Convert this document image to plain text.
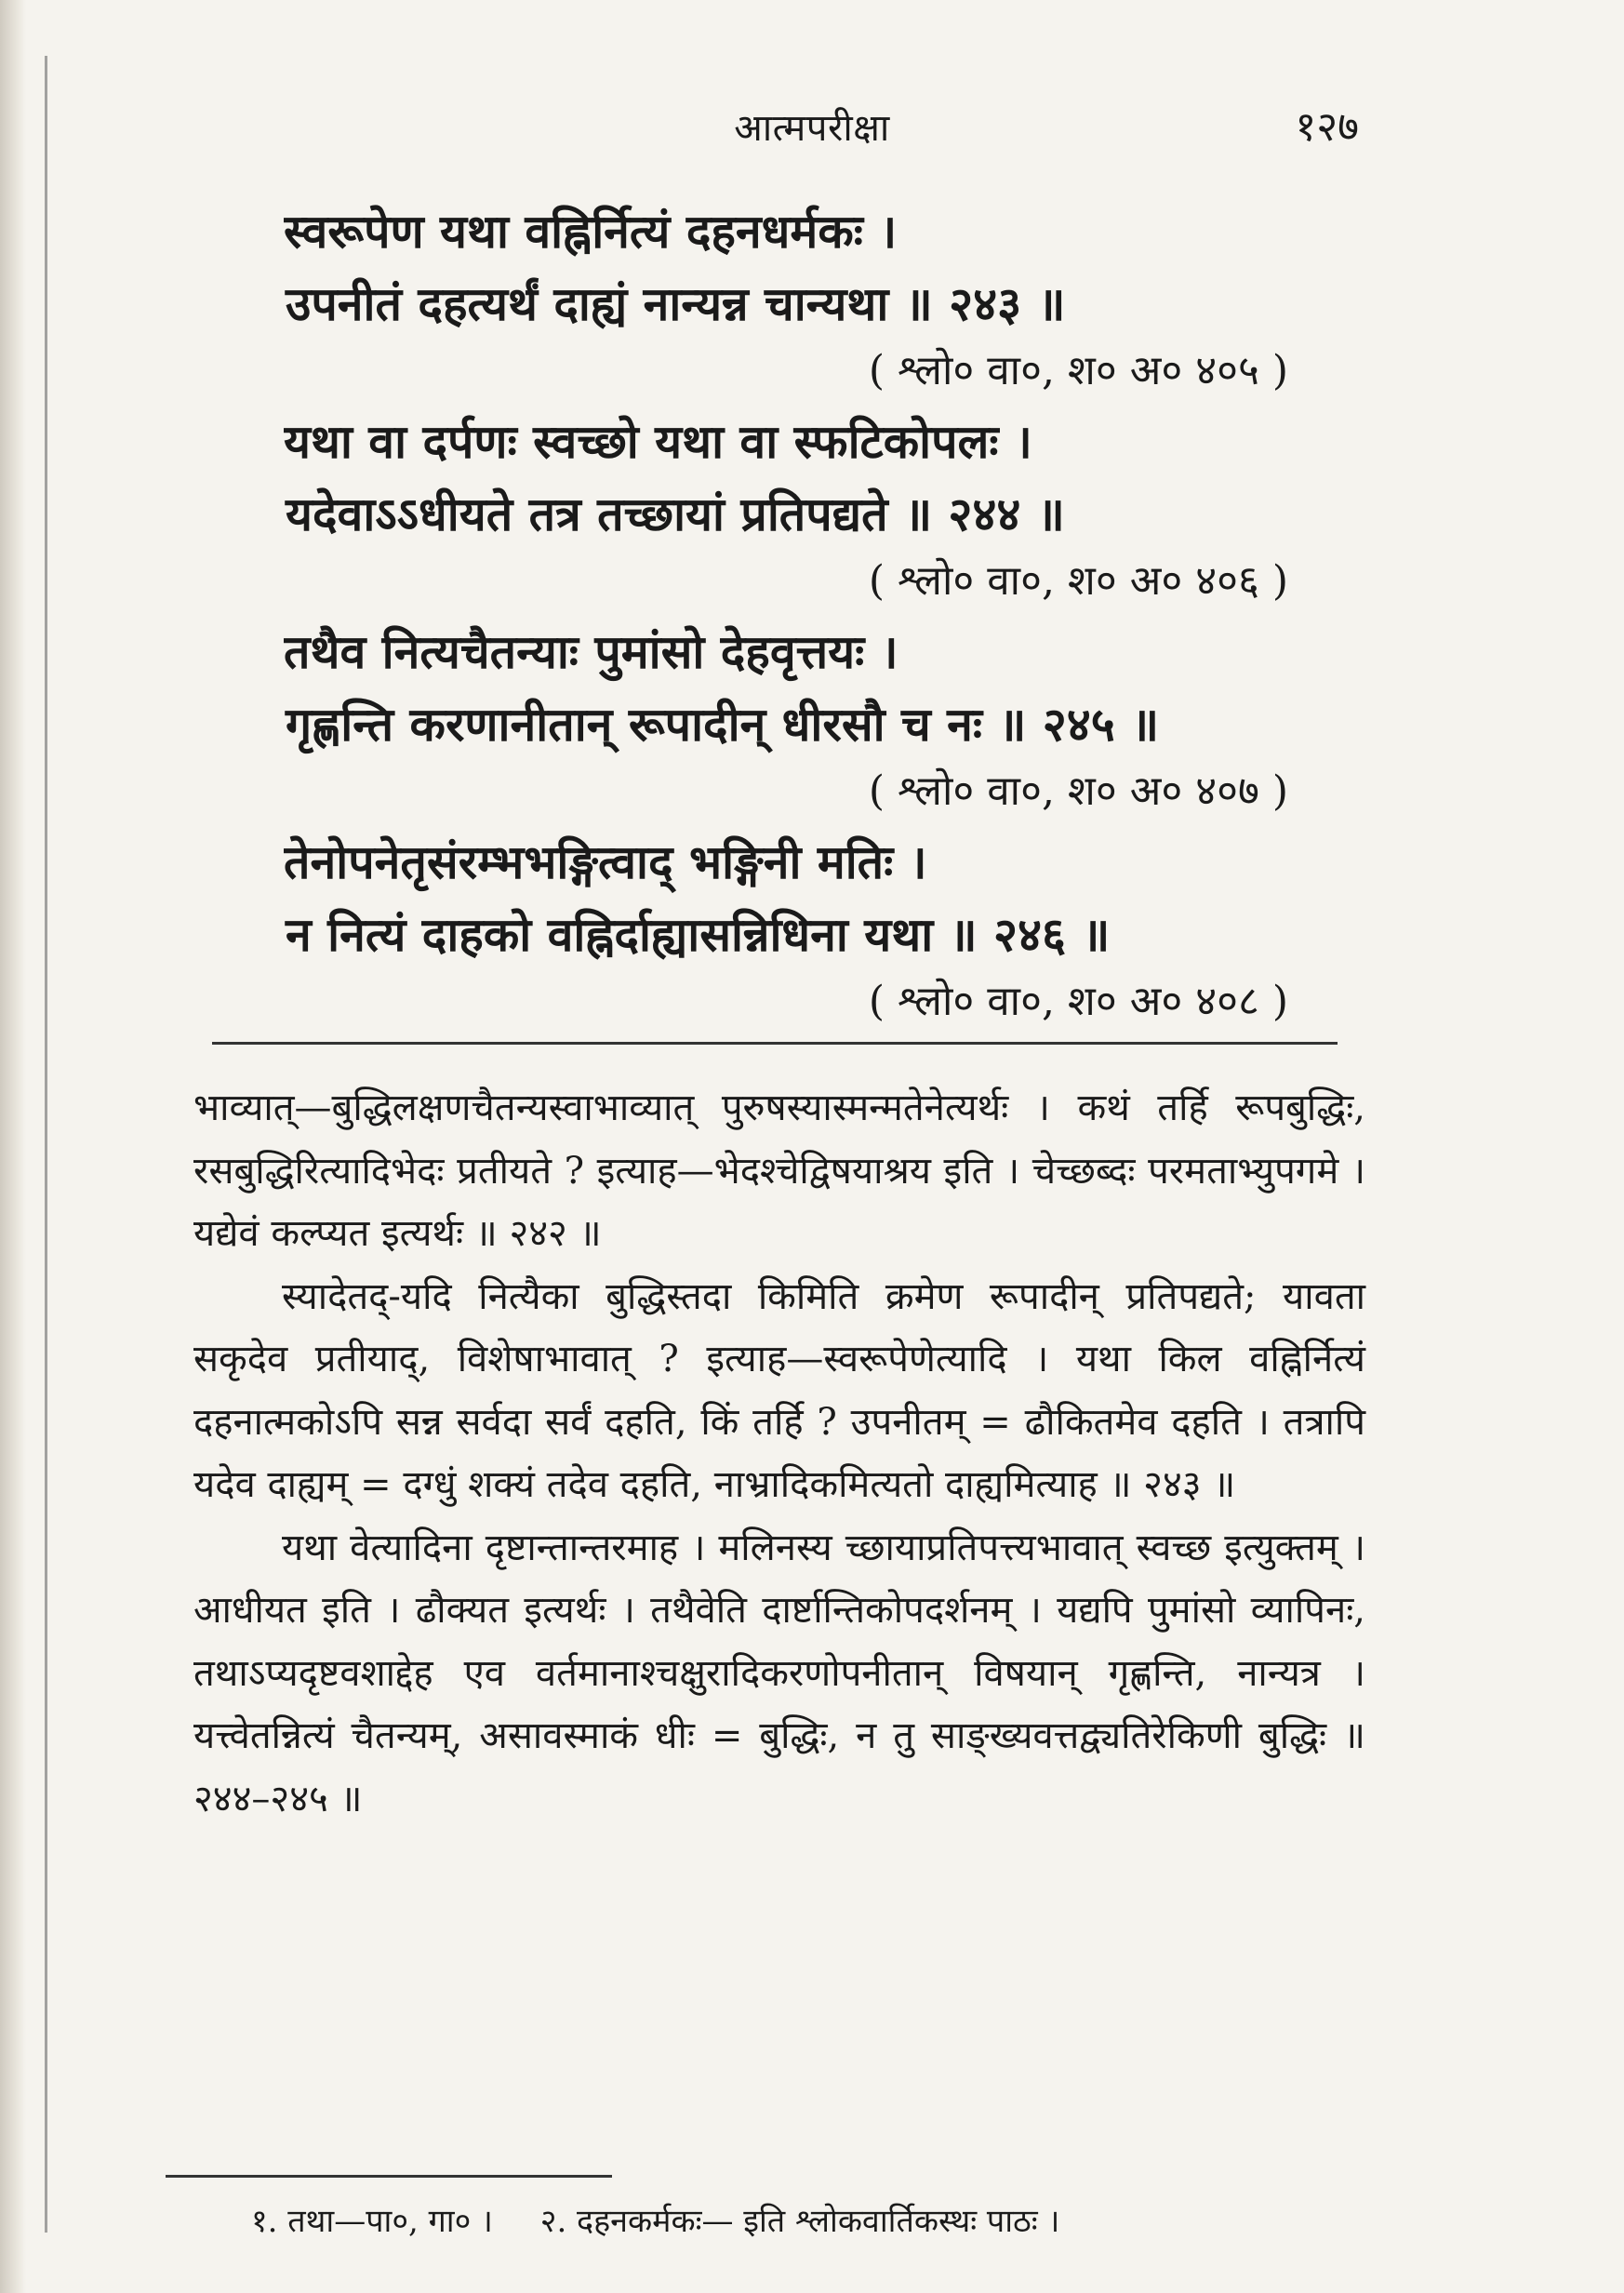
आत्मपरीक्षा	१२७
स्वरूपेण यथा वह्निर्नित्यं दहनधर्मकः ।
उपनीतं दहत्यर्थं दाह्यं नान्यन्न चान्यथा ॥ २४३ ॥
( श्लो० वा०, श० अ० ४०५ )
यथा वा दर्पणः स्वच्छो यथा वा स्फटिकोपलः ।
यदेवाऽऽधीयते तत्र तच्छायां प्रतिपद्यते ॥ २४४ ॥
( श्लो० वा०, श० अ० ४०६ )
तथैव नित्यचैतन्याः पुमांसो देहवृत्तयः ।
गृह्णन्ति करणानीतान् रूपादीन् धीरसौ च नः ॥ २४५ ॥
( श्लो० वा०, श० अ० ४०७ )
तेनोपनेतृसंरम्भभङ्गित्वाद् भङ्गिनी मतिः ।
न नित्यं दाहको वह्निर्दाह्यासन्निधिना यथा ॥ २४६ ॥
( श्लो० वा०, श० अ० ४०८ )

भाव्यात्—बुद्धिलक्षणचैतन्यस्वाभाव्यात् पुरुषस्यास्मन्मतेनेत्यर्थः । कथं तर्हि रूपबुद्धिः, रसबुद्धिरित्यादिभेदः प्रतीयते ? इत्याह—भेदश्चेद्विषयाश्रय इति । चेच्छब्दः परमताभ्युपगमे । यद्येवं कल्प्यत इत्यर्थः ॥ २४२ ॥

स्यादेतद्-यदि नित्यैका बुद्धिस्तदा किमिति क्रमेण रूपादीन् प्रतिपद्यते; यावता सकृदेव प्रतीयाद्, विशेषाभावात् ? इत्याह—स्वरूपेणेत्यादि । यथा किल वह्निर्नित्यं दहनात्मकोऽपि सन्न सर्वदा सर्वं दहति, किं तर्हि ? उपनीतम् = ढौकितमेव दहति । तत्रापि यदेव दाह्यम् = दग्धुं शक्यं तदेव दहति, नाभ्रादिकमित्यतो दाह्यमित्याह ॥ २४३ ॥

यथा वेत्यादिना दृष्टान्तान्तरमाह । मलिनस्य च्छायाप्रतिपत्त्यभावात् स्वच्छ इत्युक्तम् । आधीयत इति । ढौक्यत इत्यर्थः । तथैवेति दार्ष्टान्तिकोपदर्शनम् । यद्यपि पुमांसो व्यापिनः, तथाऽप्यदृष्टवशाद्देह एव वर्तमानाश्चक्षुरादिकरणोपनीतान् विषयान् गृह्णन्ति, नान्यत्र । यत्त्वेतन्नित्यं चैतन्यम्, असावस्माकं धीः = बुद्धिः, न तु साङ्ख्यवत्तद्व्यतिरेकिणी बुद्धिः ॥ २४४–२४५ ॥

१. तथा—पा०, गा० । २. दहनकर्मकः— इति श्लोकवार्तिकस्थः पाठः ।
